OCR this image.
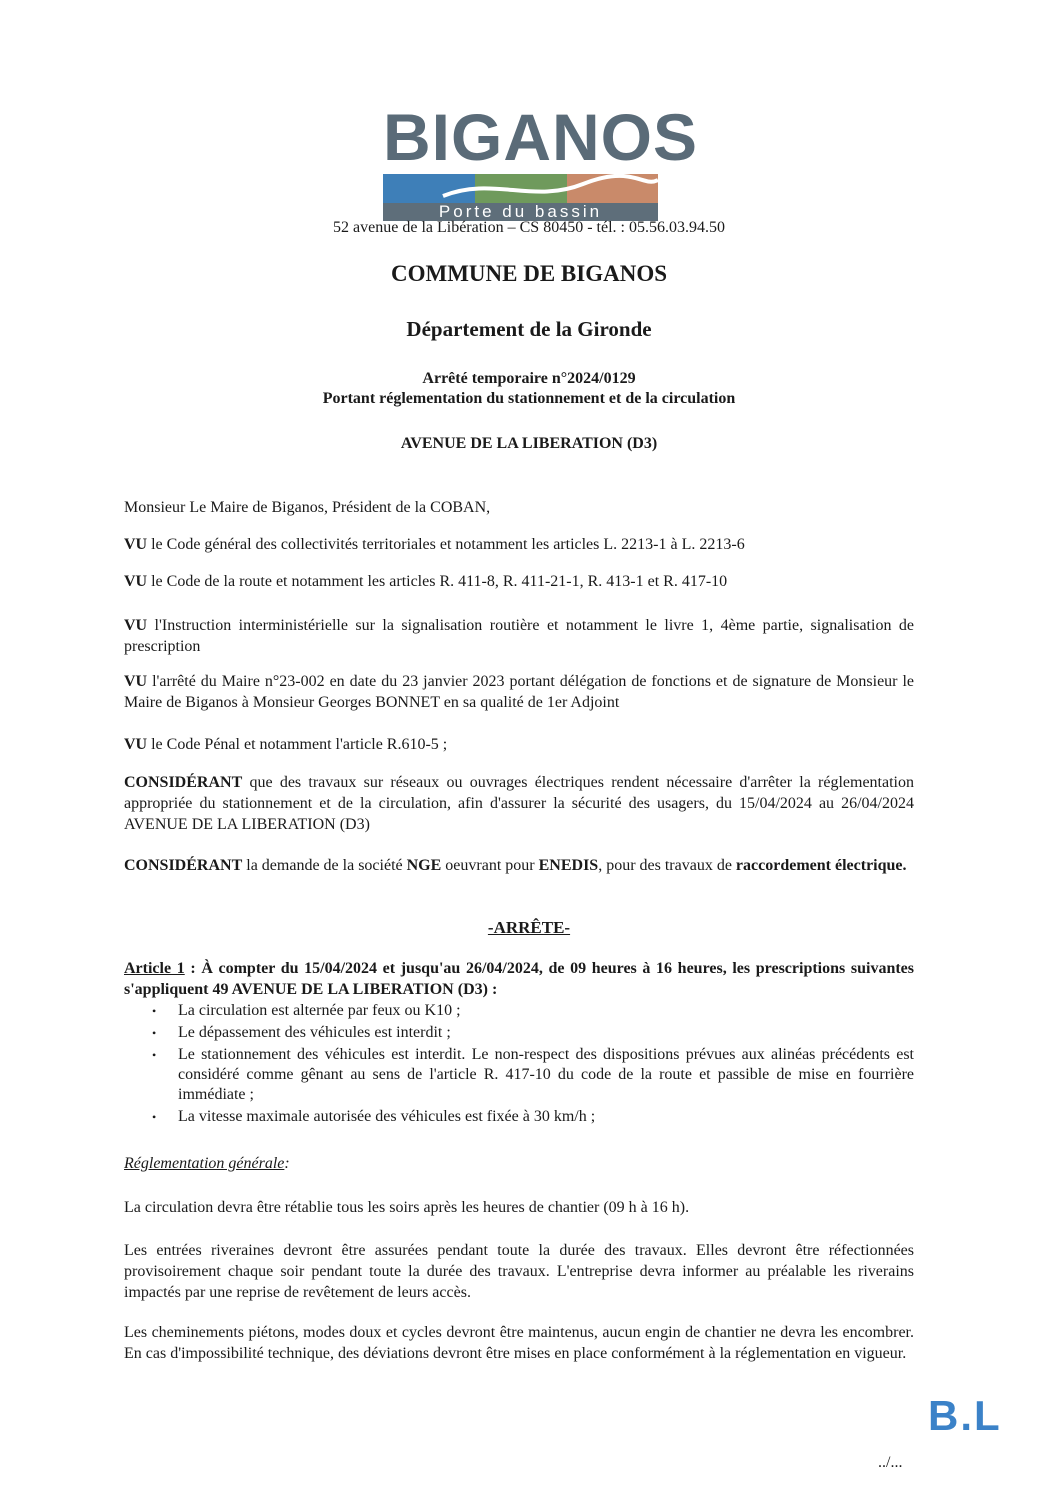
BIGANOS
Porte du bassin
52 avenue de la Libération – CS 80450 - tél. : 05.56.03.94.50
COMMUNE DE BIGANOS
Département de la Gironde
Arrêté temporaire n°2024/0129
Portant réglementation du stationnement et de la circulation
AVENUE DE LA LIBERATION (D3)
Monsieur Le Maire de Biganos, Président de la COBAN,
VU le Code général des collectivités territoriales et notamment les articles L. 2213-1 à L. 2213-6
VU le Code de la route et notamment les articles R. 411-8, R. 411-21-1, R. 413-1 et R. 417-10
VU l'Instruction interministérielle sur la signalisation routière et notamment le livre 1, 4ème partie, signalisation de prescription
VU l'arrêté du Maire n°23-002 en date du 23 janvier 2023 portant délégation de fonctions et de signature de Monsieur le Maire de Biganos à Monsieur Georges BONNET en sa qualité de 1er Adjoint
VU le Code Pénal et notamment l'article R.610-5 ;
CONSIDÉRANT que des travaux sur réseaux ou ouvrages électriques rendent nécessaire d'arrêter la réglementation appropriée du stationnement et de la circulation, afin d'assurer la sécurité des usagers, du 15/04/2024 au 26/04/2024 AVENUE DE LA LIBERATION (D3)
CONSIDÉRANT la demande de la société NGE oeuvrant pour ENEDIS, pour des travaux de raccordement électrique.
-ARRÊTE-
Article 1 : À compter du 15/04/2024 et jusqu'au 26/04/2024, de 09 heures à 16 heures, les prescriptions suivantes s'appliquent 49 AVENUE DE LA LIBERATION (D3) :
• La circulation est alternée par feux ou K10 ;
• Le dépassement des véhicules est interdit ;
• Le stationnement des véhicules est interdit. Le non-respect des dispositions prévues aux alinéas précédents est considéré comme gênant au sens de l'article R. 417-10 du code de la route et passible de mise en fourrière immédiate ;
• La vitesse maximale autorisée des véhicules est fixée à 30 km/h ;
Réglementation générale:
La circulation devra être rétablie tous les soirs après les heures de chantier (09 h à 16 h).
Les entrées riveraines devront être assurées pendant toute la durée des travaux. Elles devront être réfectionnées provisoirement chaque soir pendant toute la durée des travaux. L'entreprise devra informer au préalable les riverains impactés par une reprise de revêtement de leurs accès.
Les cheminements piétons, modes doux et cycles devront être maintenus, aucun engin de chantier ne devra les encombrer. En cas d'impossibilité technique, des déviations devront être mises en place conformément à la réglementation en vigueur.
B.L
../...
